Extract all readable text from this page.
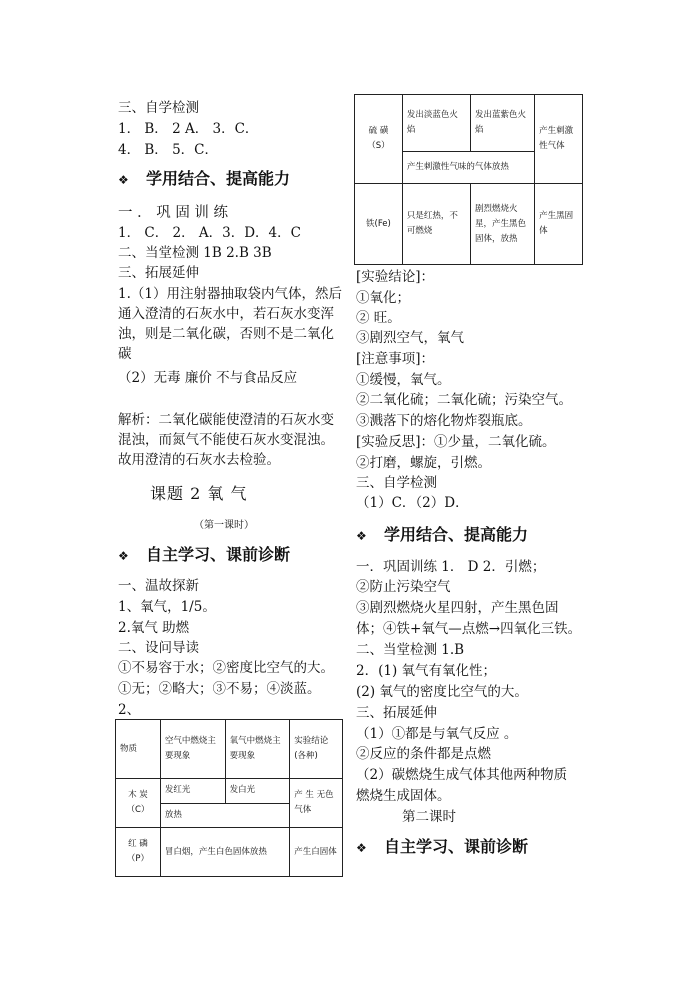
三、自学检测
1． B． 2 A． 3．C．
4． B． 5．C．
❖ 学用结合、提高能力
一 ． 巩 固 训 练
1． C． 2． A．3．D．4．C
二、当堂检测 1B 2.B 3B
三、拓展延伸
1.（1）用注射器抽取袋内气体，然后通入澄清的石灰水中，若石灰水变浑浊，则是二氧化碳，否则不是二氧化碳
（2）无毒 廉价 不与食品反应
解析：二氧化碳能使澄清的石灰水变混浊，而氮气不能使石灰水变混浊。故用澄清的石灰水去检验。
课题 2 氧 气
（第一课时）
❖ 自主学习、课前诊断
一、温故探新
1、氧气，1/5。
2.氧气 助燃
二、设问导读
①不易容于水；②密度比空气的大。
①无；②略大；③不易；④淡蓝。
2、
物质	空气中燃烧主要现象	氧气中燃烧主要现象	实验结论(各种)

木 炭
（C）	发红光	发白光	产 生 无色气体
	放热		

红 磷
（P）	冒白烟，产生白色固体放热		产生白固体
硫 磺
（S）	发出淡蓝色火焰	发出蓝紫色火焰	产生刺激性气体
	产生刺激性气味的气体放热		
铁(Fe)	只是红热，不可燃烧	剧烈燃烧火星，产生黑色固体，放热	产生黑固体
[实验结论]：
①氧化；
② 旺。
③剧烈空气，氧气
[注意事项]：
①缓慢，氧气。
②二氧化硫；二氧化硫；污染空气。
③溅落下的熔化物炸裂瓶底。
[实验反思]：①少量，二氧化硫。
②打磨，螺旋，引燃。
三、自学检测
（1）C．（2）D．
❖ 学用结合、提高能力
一．巩固训练 1． D 2．引燃；
②防止污染空气
③剧烈燃烧火星四射，产生黑色固
体；④铁+氧气—点燃→四氧化三铁。
二、当堂检测 1.B
2．(1) 氧气有氧化性；
(2) 氧气的密度比空气的大。
三、拓展延伸
（1）①都是与氧气反应 。
②反应的条件都是点燃
（2）碳燃烧生成气体其他两种物质
燃烧生成固体。
第二课时
❖ 自主学习、课前诊断
